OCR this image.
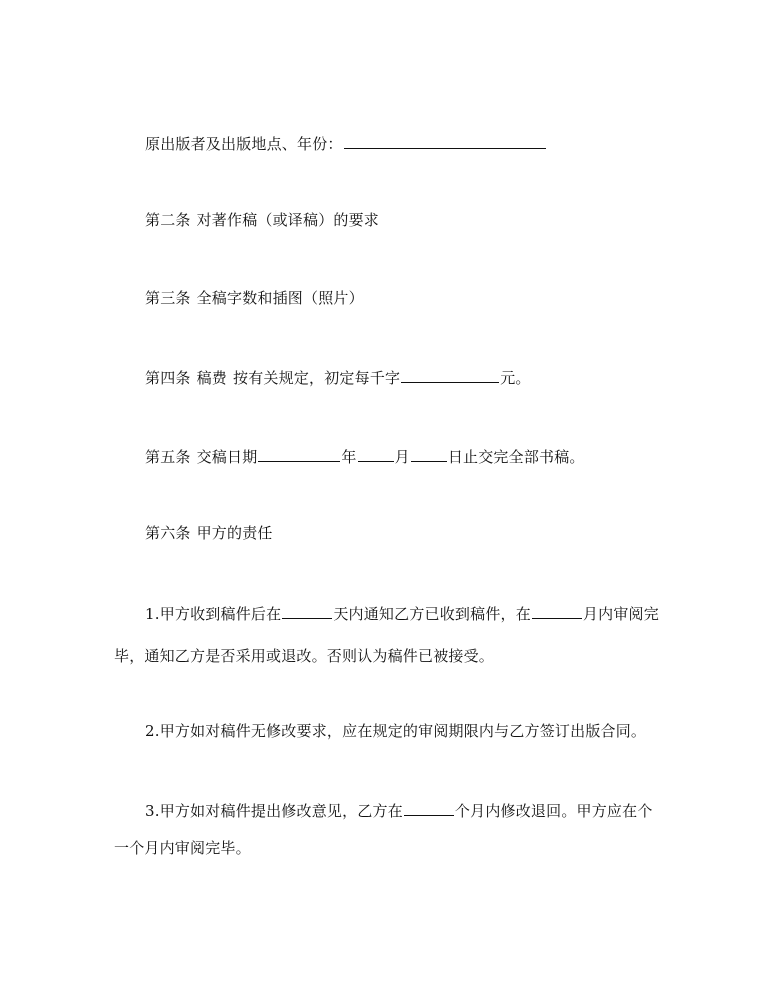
原出版者及出版地点、年份：
第二条 对著作稿（或译稿）的要求
第三条 全稿字数和插图（照片）
第四条 稿费 按有关规定，初定每千字	元。
第五条 交稿日期	年	月	日止交完全部书稿。
第六条 甲方的责任
1.甲方收到稿件后在	天内通知乙方已收到稿件，在	月内审阅完
毕，通知乙方是否采用或退改。否则认为稿件已被接受。
2.甲方如对稿件无修改要求，应在规定的审阅期限内与乙方签订出版合同。
3.甲方如对稿件提出修改意见，乙方在	个月内修改退回。甲方应在个
一个月内审阅完毕。
